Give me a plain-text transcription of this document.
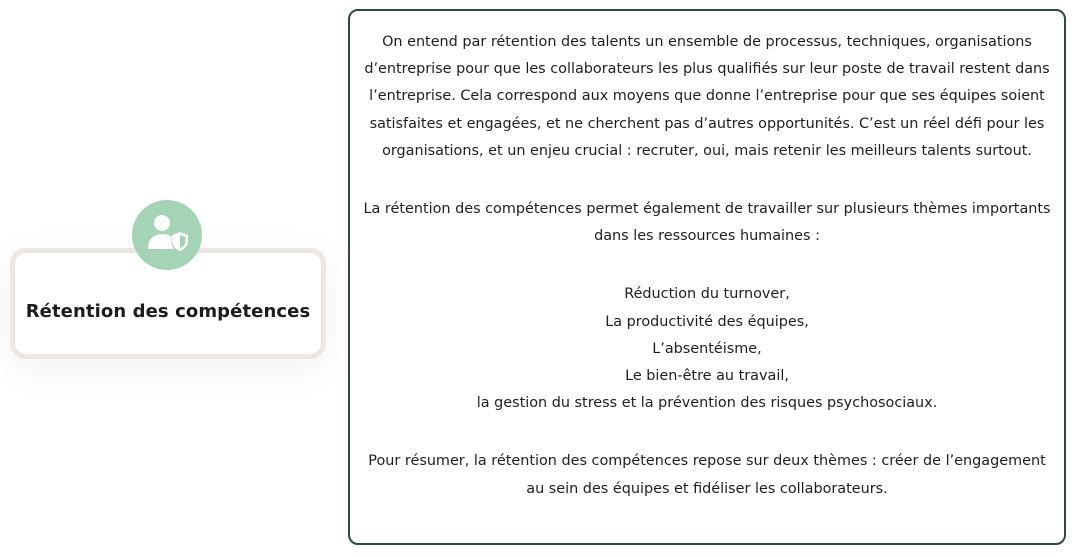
Rétention des compétences

On entend par rétention des talents un ensemble de processus, techniques, organisations d’entreprise pour que les collaborateurs les plus qualifiés sur leur poste de travail restent dans l’entreprise. Cela correspond aux moyens que donne l’entreprise pour que ses équipes soient satisfaites et engagées, et ne cherchent pas d’autres opportunités. C’est un réel défi pour les organisations, et un enjeu crucial : recruter, oui, mais retenir les meilleurs talents surtout.

La rétention des compétences permet également de travailler sur plusieurs thèmes importants dans les ressources humaines :

Réduction du turnover,
La productivité des équipes,
L’absentéisme,
Le bien-être au travail,
la gestion du stress et la prévention des risques psychosociaux.

Pour résumer, la rétention des compétences repose sur deux thèmes : créer de l’engagement au sein des équipes et fidéliser les collaborateurs.
